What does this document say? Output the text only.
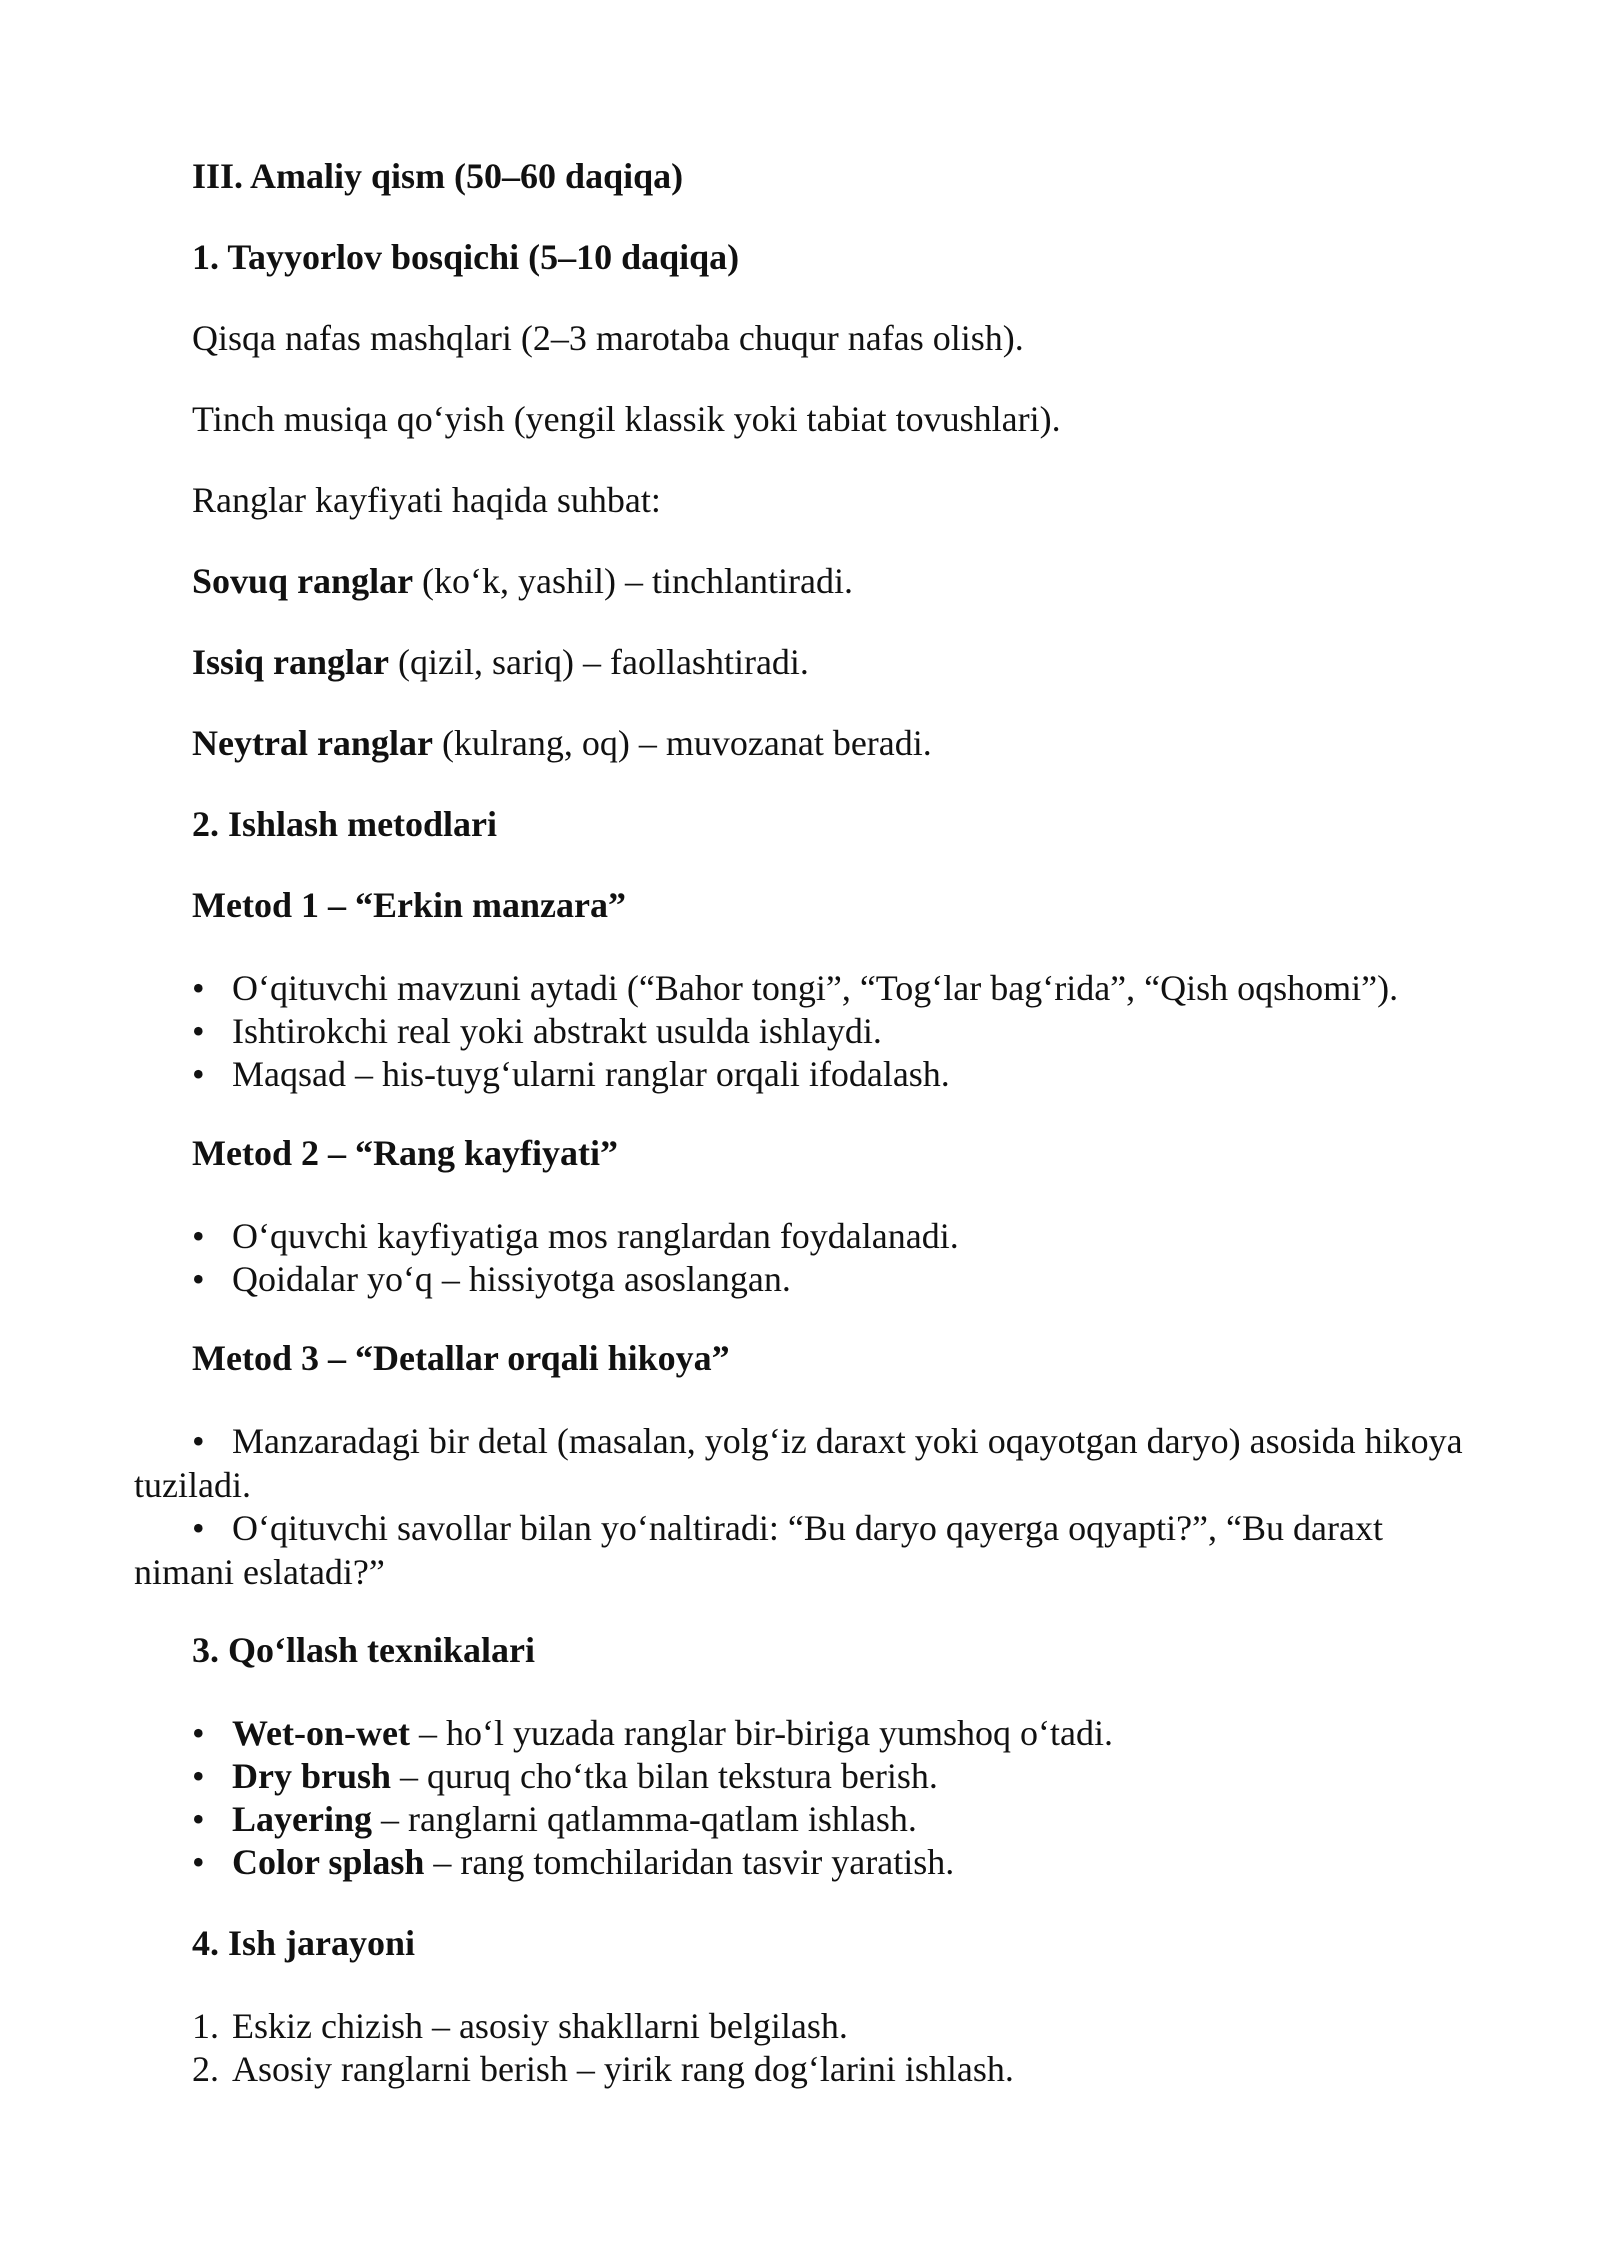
III. Amaliy qism (50–60 daqiqa)
1. Tayyorlov bosqichi (5–10 daqiqa)
Qisqa nafas mashqlari (2–3 marotaba chuqur nafas olish).
Tinch musiqa qo‘yish (yengil klassik yoki tabiat tovushlari).
Ranglar kayfiyati haqida suhbat:
Sovuq ranglar (ko‘k, yashil) – tinchlantiradi.
Issiq ranglar (qizil, sariq) – faollashtiradi.
Neytral ranglar (kulrang, oq) – muvozanat beradi.
2. Ishlash metodlari
Metod 1 – “Erkin manzara”
• O‘qituvchi mavzuni aytadi (“Bahor tongi”, “Tog‘lar bag‘rida”, “Qish oqshomi”).
• Ishtirokchi real yoki abstrakt usulda ishlaydi.
• Maqsad – his-tuyg‘ularni ranglar orqali ifodalash.
Metod 2 – “Rang kayfiyati”
• O‘quvchi kayfiyatiga mos ranglardan foydalanadi.
• Qoidalar yo‘q – hissiyotga asoslangan.
Metod 3 – “Detallar orqali hikoya”

• Manzaradagi bir detal (masalan, yolg‘iz daraxt yoki oqayotgan daryo) asosida hikoya tuziladi.

• O‘qituvchi savollar bilan yo‘naltiradi: “Bu daryo qayerga oqyapti?”, “Bu daraxt nimani eslatadi?”

3. Qo‘llash texnikalari
• Wet-on-wet – ho‘l yuzada ranglar bir-biriga yumshoq o‘tadi.
• Dry brush – quruq cho‘tka bilan tekstura berish.
• Layering – ranglarni qatlamma-qatlam ishlash.
• Color splash – rang tomchilaridan tasvir yaratish.
4. Ish jarayoni
1. Eskiz chizish – asosiy shakllarni belgilash.
2. Asosiy ranglarni berish – yirik rang dog‘larini ishlash.
